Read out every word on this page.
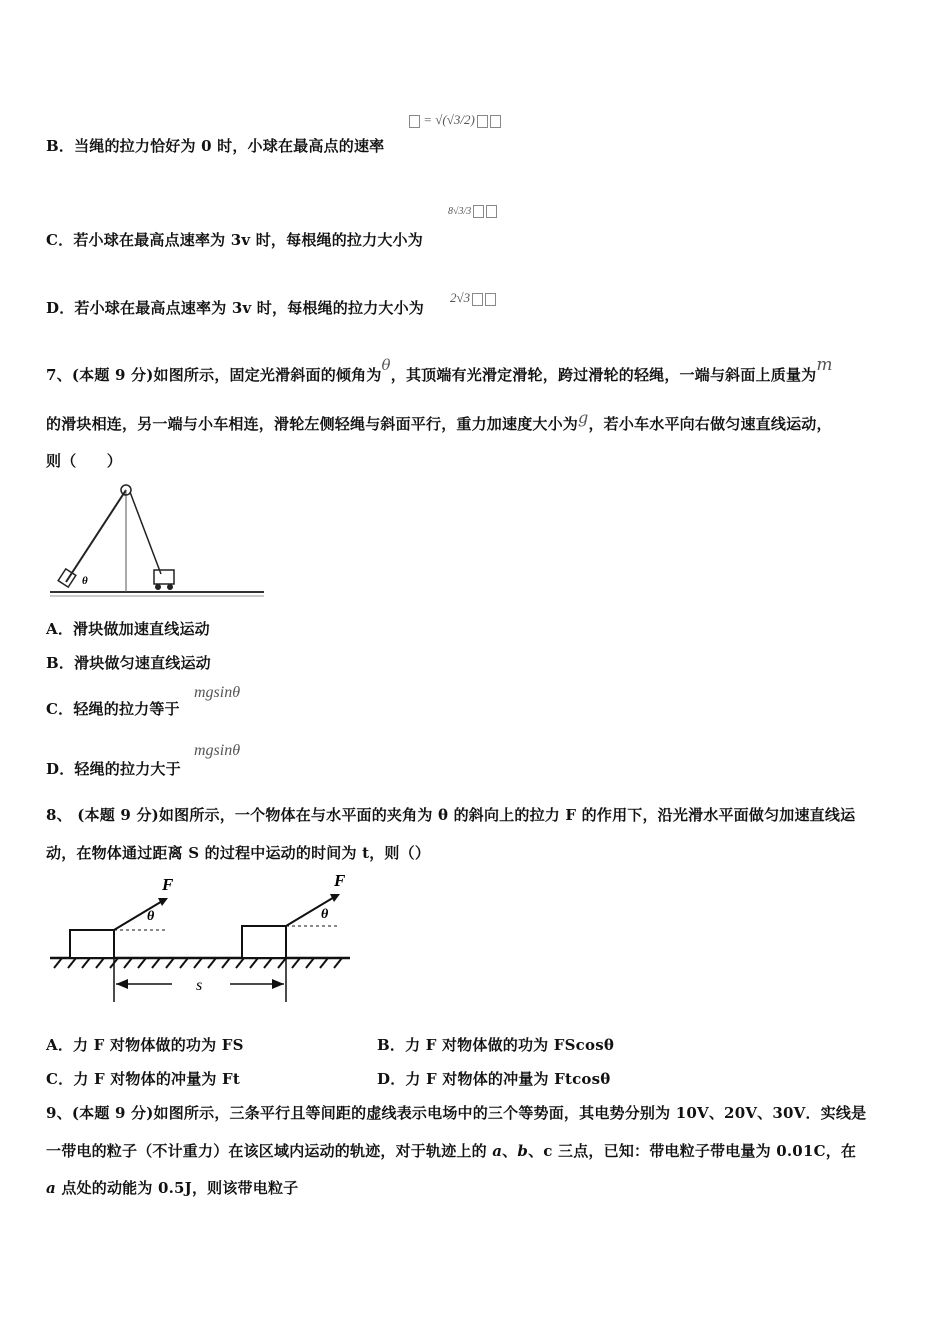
B．当绳的拉力恰好为 0 时，小球在最高点的速率
= √(√3/2)
C．若小球在最高点速率为 3v 时，每根绳的拉力大小为
8√3/3
D．若小球在最高点速率为 3v 时，每根绳的拉力大小为
2√3
7、(本题 9 分)如图所示，固定光滑斜面的倾角为θ，其顶端有光滑定滑轮，跨过滑轮的轻绳，一端与斜面上质量为m
的滑块相连，另一端与小车相连，滑轮左侧轻绳与斜面平行，重力加速度大小为g，若小车水平向右做匀速直线运动，
则（　　）
θ
A．滑块做加速直线运动
B．滑块做匀速直线运动
C．轻绳的拉力等于
mgsinθ
D．轻绳的拉力大于
mgsinθ
8、 (本题 9 分)如图所示，一个物体在与水平面的夹角为 θ 的斜向上的拉力 F 的作用下，沿光滑水平面做匀加速直线运
动，在物体通过距离 S 的过程中运动的时间为 t，则（）
F
θ
F
θ
s
A．力 F 对物体做的功为 FS	B．力 F 对物体做的功为 FScosθ
C．力 F 对物体的冲量为 Ft	D．力 F 对物体的冲量为 Ftcosθ
9、(本题 9 分)如图所示，三条平行且等间距的虚线表示电场中的三个等势面，其电势分别为 10V、20V、30V．实线是
一带电的粒子（不计重力）在该区域内运动的轨迹，对于轨迹上的 a、b、c 三点，已知：带电粒子带电量为 0.01C，在
a 点处的动能为 0.5J，则该带电粒子
